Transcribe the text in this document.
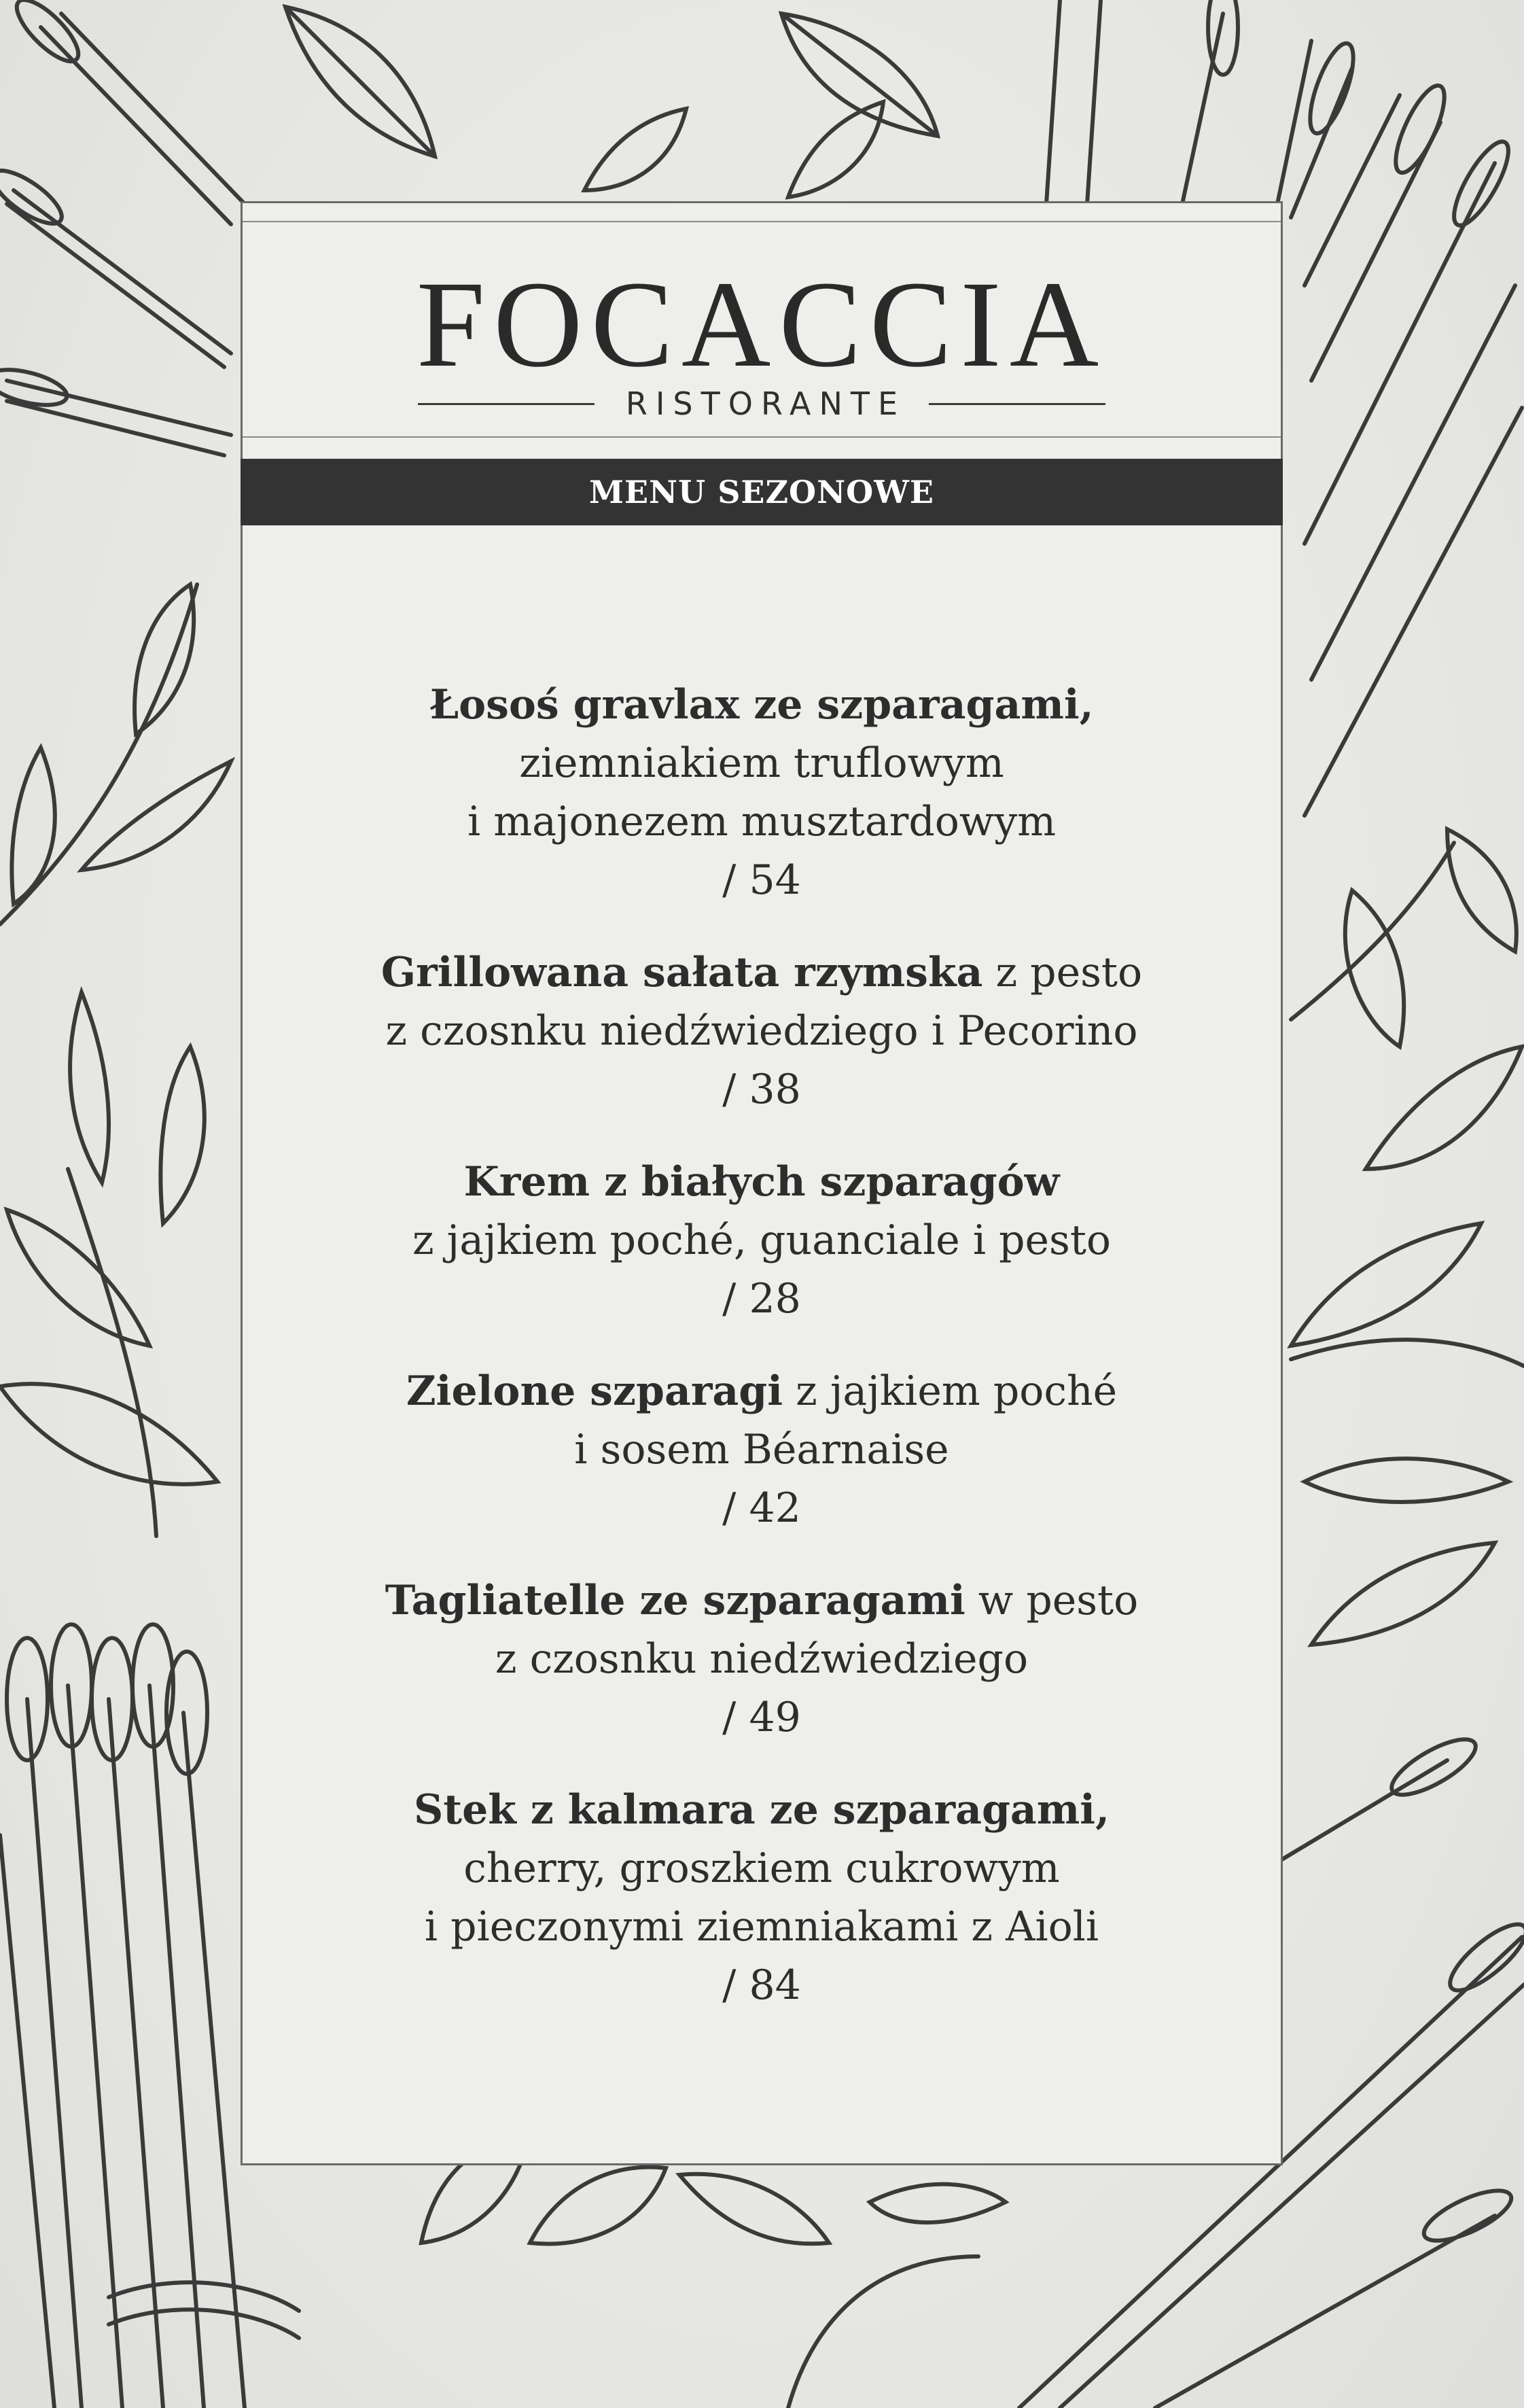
FOCACCIA
RISTORANTE
MENU SEZONOWE
Łosoś gravlax ze szparagami,
ziemniakiem truflowym
i majonezem musztardowym
/ 54
Grillowana sałata rzymska z pesto
z czosnku niedźwiedziego i Pecorino
/ 38
Krem z białych szparagów
z jajkiem poché, guanciale i pesto
/ 28
Zielone szparagi z jajkiem poché
i sosem Béarnaise
/ 42
Tagliatelle ze szparagami w pesto
z czosnku niedźwiedziego
/ 49
Stek z kalmara ze szparagami,
cherry, groszkiem cukrowym
i pieczonymi ziemniakami z Aioli
/ 84
